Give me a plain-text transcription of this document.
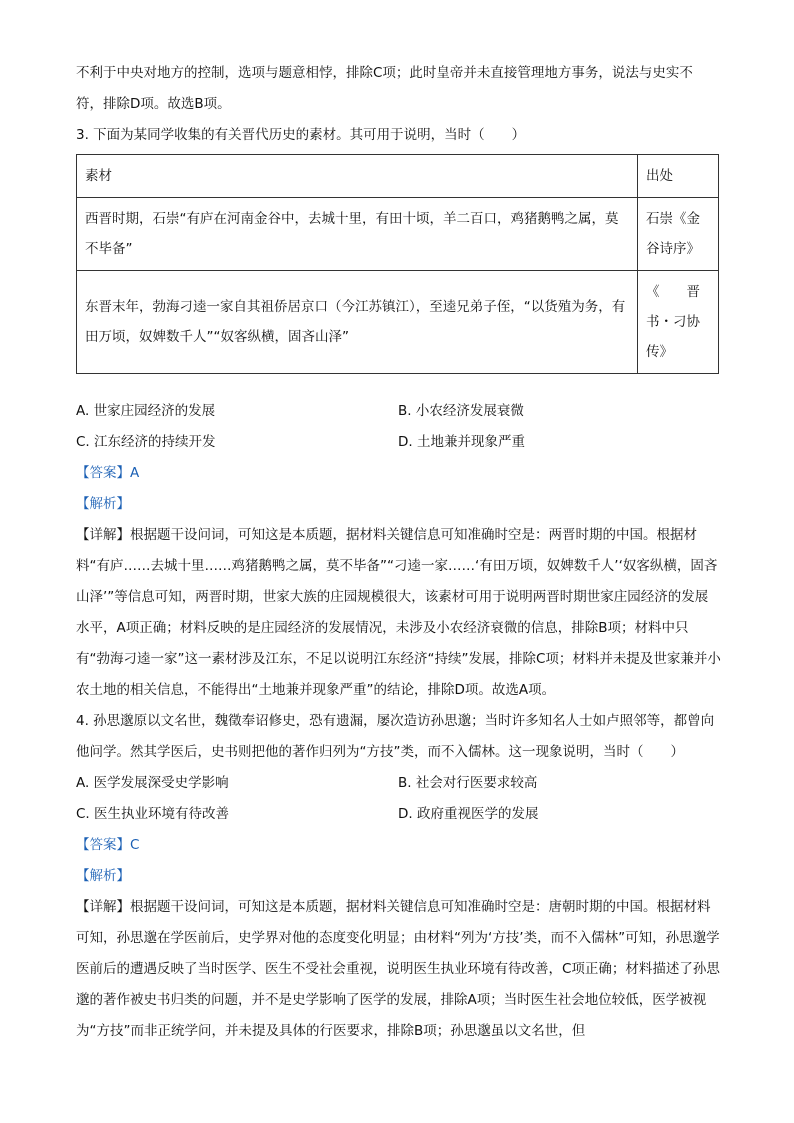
不利于中央对地方的控制，选项与题意相悖，排除C项；此时皇帝并未直接管理地方事务，说法与史实不

符，排除D项。故选B项。

3. 下面为某同学收集的有关晋代历史的素材。其可用于说明，当时（　　）

素材	出处
西晋时期，石崇“有庐在河南金谷中，去城十里，有田十顷，羊二百口，鸡猪鹅鸭之属，莫不毕备”	石崇《金谷诗序》
东晋末年，勃海刁逵一家自其祖侨居京口（今江苏镇江），至逵兄弟子侄，“以货殖为务，有田万顷，奴婢数千人”“奴客纵横，固吝山泽”	《　　晋书・刁协传》
A. 世家庄园经济的发展	B. 小农经济发展衰微
C. 江东经济的持续开发	D. 土地兼并现象严重

【答案】A

【解析】

【详解】根据题干设问词，可知这是本质题，据材料关键信息可知准确时空是：两晋时期的中国。根据材料“有庐……去城十里……鸡猪鹅鸭之属，莫不毕备”“刁逵一家……‘有田万顷，奴婢数千人’‘奴客纵横，固吝山泽’”等信息可知，两晋时期，世家大族的庄园规模很大，该素材可用于说明两晋时期世家庄园经济的发展水平，A项正确；材料反映的是庄园经济的发展情况，未涉及小农经济衰微的信息，排除B项；材料中只有“勃海刁逵一家”这一素材涉及江东，不足以说明江东经济“持续”发展，排除C项；材料并未提及世家兼并小农土地的相关信息，不能得出“土地兼并现象严重”的结论，排除D项。故选A项。

4. 孙思邈原以文名世，魏徵奉诏修史，恐有遗漏，屡次造访孙思邈；当时许多知名人士如卢照邻等，都曾向他问学。然其学医后，史书则把他的著作归列为“方技”类，而不入儒林。这一现象说明，当时（　　）

A. 医学发展深受史学影响	B. 社会对行医要求较高
C. 医生执业环境有待改善	D. 政府重视医学的发展

【答案】C

【解析】

【详解】根据题干设问词，可知这是本质题，据材料关键信息可知准确时空是：唐朝时期的中国。根据材料可知，孙思邈在学医前后，史学界对他的态度变化明显；由材料“列为‘方技’类，而不入儒林”可知，孙思邈学医前后的遭遇反映了当时医学、医生不受社会重视，说明医生执业环境有待改善，C项正确；材料描述了孙思邈的著作被史书归类的问题，并不是史学影响了医学的发展，排除A项；当时医生社会地位较低，医学被视为“方技”而非正统学问，并未提及具体的行医要求，排除B项；孙思邈虽以文名世，但
